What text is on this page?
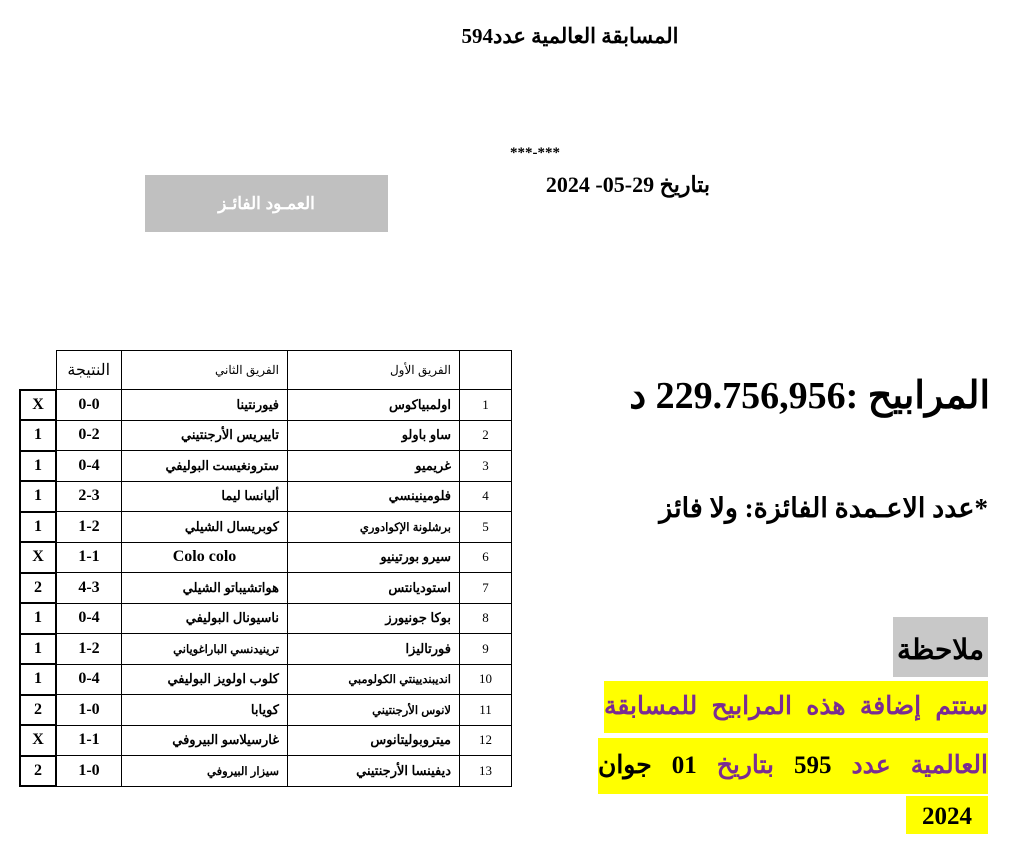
المسابقة العالمية عدد594
***-***
بتاريخ 29-05- 2024
العمـود الفائـز
	الفريق الأول	الفريق الثاني	النتيجة	
1	اولمبياكوس	فيورنتينا	0-0	X
2	ساو باولو	تاييريس الأرجنتيني	0-2	1
3	غريميو	سترونغيست البوليفي	0-4	1
4	فلومينينسي	أليانسا ليما	2-3	1
5	برشلونة الإكوادوري	كوبريسال الشيلي	1-2	1
6	سيرو بورتينيو	Colo colo	1-1	X
7	استوديانتس	هواتشيباتو الشيلي	4-3	2
8	بوكا جونيورز	ناسيونال البوليفي	0-4	1
9	فورتاليزا	ترينيدنسي الباراغوياني	1-2	1
10	انديبنديينتي الكولومبي	كلوب اولويز البوليفي	0-4	1
11	لانوس الأرجنتيني	كويابا	1-0	2
12	ميتروبوليتانوس	غارسيلاسو البيروفي	1-1	X
13	ديفينسا الأرجنتيني	سيزار البيروفي	1-0	2
المرابيح :229.756,956 د
*عدد الاعـمدة الفائزة: ولا فائز
ملاحظة
ستتم إضافة هذه المرابيح للمسابقة
العالمية عدد 595 بتاريخ 01 جوان
2024
